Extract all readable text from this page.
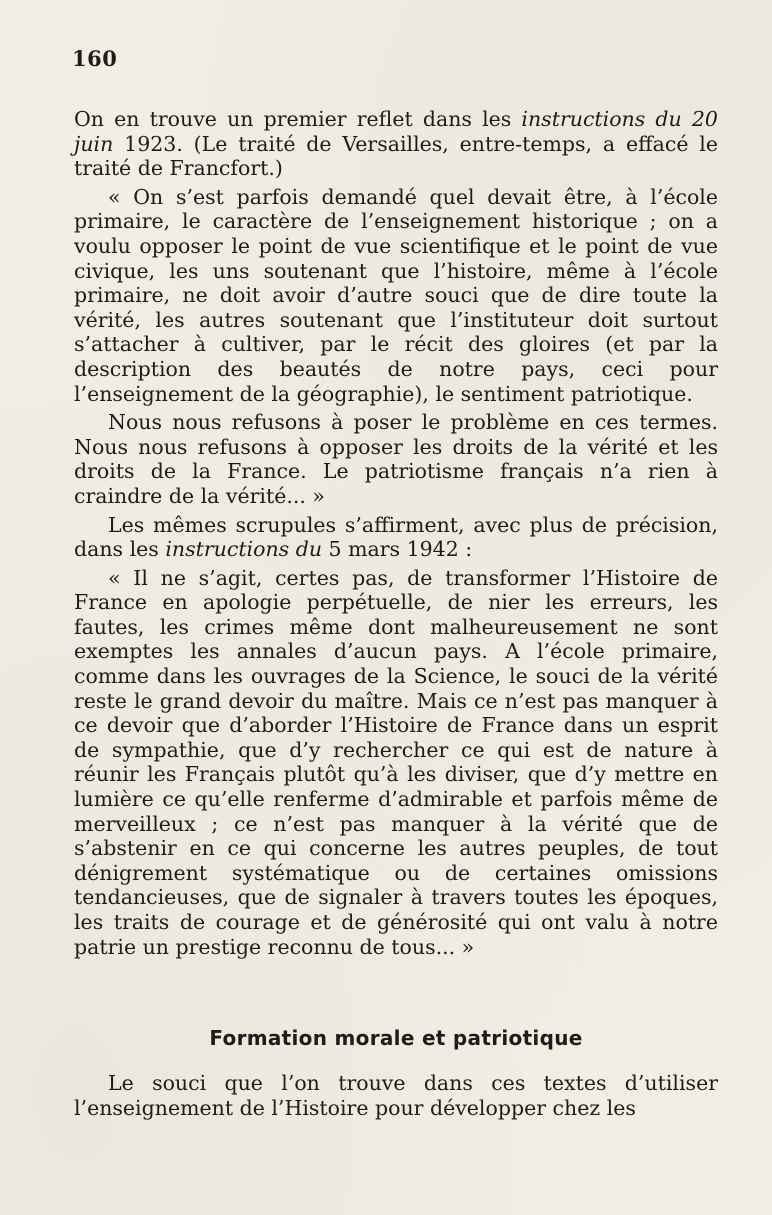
160

On en trouve un premier reflet dans les instructions du 20 juin 1923. (Le traité de Versailles, entre-temps, a effacé le traité de Francfort.)

« On s’est parfois demandé quel devait être, à l’école primaire, le caractère de l’enseignement historique ; on a voulu opposer le point de vue scientifique et le point de vue civique, les uns soutenant que l’histoire, même à l’école primaire, ne doit avoir d’autre souci que de dire toute la vérité, les autres soutenant que l’instituteur doit surtout s’attacher à cultiver, par le récit des gloires (et par la description des beautés de notre pays, ceci pour l’enseignement de la géographie), le sentiment patriotique.

Nous nous refusons à poser le problème en ces termes. Nous nous refusons à opposer les droits de la vérité et les droits de la France. Le patriotisme français n’a rien à craindre de la vérité... »

Les mêmes scrupules s’affirment, avec plus de précision, dans les instructions du 5 mars 1942 :

« Il ne s’agit, certes pas, de transformer l’Histoire de France en apologie perpétuelle, de nier les erreurs, les fautes, les crimes même dont malheureusement ne sont exemptes les annales d’aucun pays. A l’école primaire, comme dans les ouvrages de la Science, le souci de la vérité reste le grand devoir du maître. Mais ce n’est pas manquer à ce devoir que d’aborder l’Histoire de France dans un esprit de sympathie, que d’y rechercher ce qui est de nature à réunir les Français plutôt qu’à les diviser, que d’y mettre en lumière ce qu’elle renferme d’admirable et parfois même de merveilleux ; ce n’est pas manquer à la vérité que de s’abstenir en ce qui concerne les autres peuples, de tout dénigrement systématique ou de certaines omissions tendancieuses, que de signaler à travers toutes les époques, les traits de courage et de générosité qui ont valu à notre patrie un prestige reconnu de tous... »

Formation morale et patriotique

Le souci que l’on trouve dans ces textes d’utiliser l’enseignement de l’Histoire pour développer chez les
